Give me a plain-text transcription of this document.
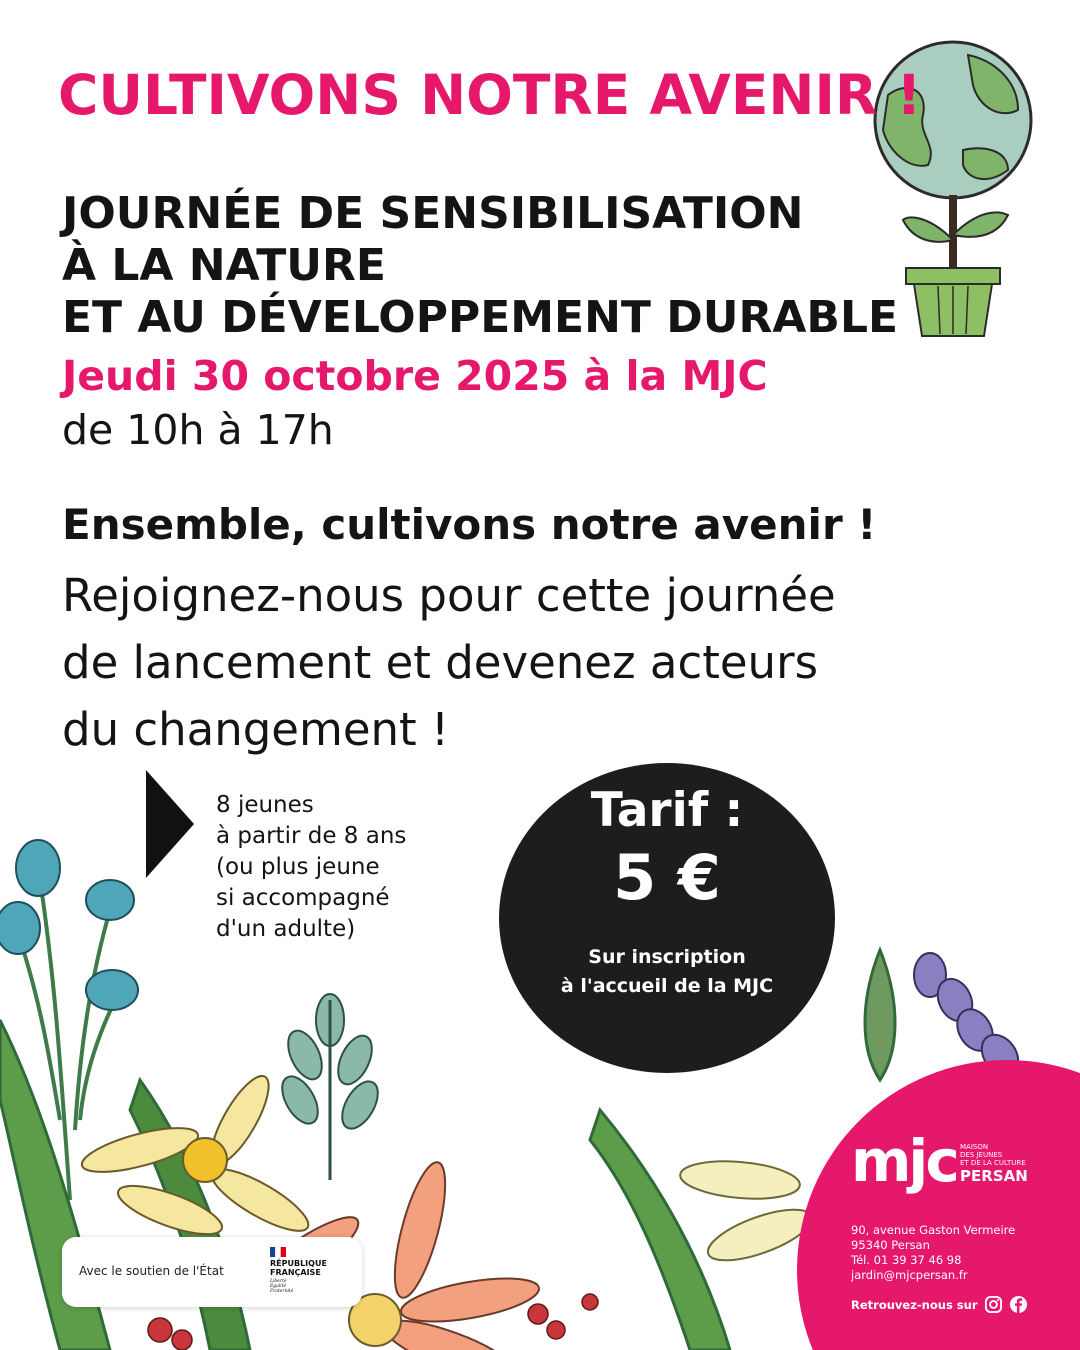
CULTIVONS NOTRE AVENIR !
JOURNÉE DE SENSIBILISATION
À LA NATURE
ET AU DÉVELOPPEMENT DURABLE
Jeudi 30 octobre 2025 à la MJC
de 10h à 17h
Ensemble, cultivons notre avenir !
Rejoignez-nous pour cette journée
de lancement et devenez acteurs
du changement !
8 jeunes
à partir de 8 ans
(ou plus jeune
si accompagné
d'un adulte)
Tarif :
5 €
Sur inscription
à l'accueil de la MJC
mjc MAISON
DES JEUNES
ET DE LA CULTURE
PERSAN
90, avenue Gaston Vermeire
95340 Persan
Tél. 01 39 37 46 98
jardin@mjcpersan.fr
Retrouvez-nous sur
Avec le soutien de l'État
RÉPUBLIQUE
FRANÇAISE
Liberté
Égalité
Fraternité
